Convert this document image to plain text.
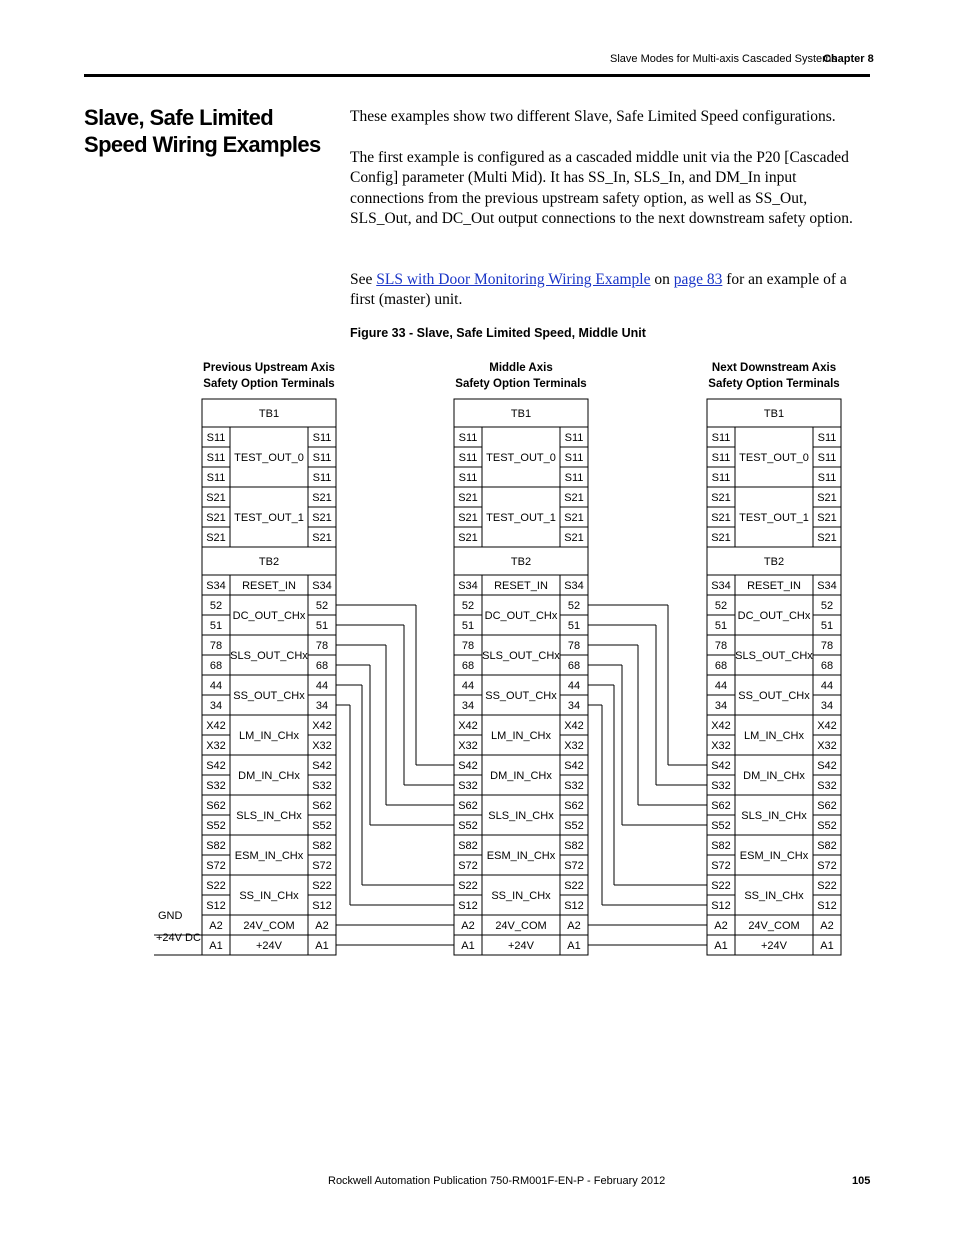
Slave Modes for Multi-axis Cascaded Systems
Chapter 8
Slave, Safe Limited Speed Wiring Examples

These examples show two different Slave, Safe Limited Speed configurations.

The first example is configured as a cascaded middle unit via the P20 [Cascaded Config] parameter (Multi Mid). It has SS_In, SLS_In, and DM_In input connections from the previous upstream safety option, as well as SS_Out, SLS_Out, and DC_Out output connections to the next downstream safety option.

See SLS with Door Monitoring Wiring Example on page 83 for an example of a first (master) unit.

Figure 33 - Slave, Safe Limited Speed, Middle Unit
Previous Upstream Axis
Safety Option Terminals
Middle Axis
Safety Option Terminals
Next Downstream Axis
Safety Option Terminals
TB1
TEST_OUT_0
S11	S11
S11	S11
S11	S11
TEST_OUT_1
S21	S21
S21	S21
S21	S21
TB2
RESET_IN
S34	S34
DC_OUT_CHx
52	52
51	51
SLS_OUT_CHx
78	78
68	68
SS_OUT_CHx
44	44
34	34
LM_IN_CHx
X42	X42
X32	X32
DM_IN_CHx
S42	S42
S32	S32
SLS_IN_CHx
S62	S62
S52	S52
ESM_IN_CHx
S82	S82
S72	S72
SS_IN_CHx
S22	S22
S12	S12
24V_COM
A2	A2
+24V
A1	A1
TB1
TEST_OUT_0
S11	S11
S11	S11
S11	S11
TEST_OUT_1
S21	S21
S21	S21
S21	S21
TB2
RESET_IN
S34	S34
DC_OUT_CHx
52	52
51	51
SLS_OUT_CHx
78	78
68	68
SS_OUT_CHx
44	44
34	34
LM_IN_CHx
X42	X42
X32	X32
DM_IN_CHx
S42	S42
S32	S32
SLS_IN_CHx
S62	S62
S52	S52
ESM_IN_CHx
S82	S82
S72	S72
SS_IN_CHx
S22	S22
S12	S12
24V_COM
A2	A2
+24V
A1	A1
TB1
TEST_OUT_0
S11	S11
S11	S11
S11	S11
TEST_OUT_1
S21	S21
S21	S21
S21	S21
TB2
RESET_IN
S34	S34
DC_OUT_CHx
52	52
51	51
SLS_OUT_CHx
78	78
68	68
SS_OUT_CHx
44	44
34	34
LM_IN_CHx
X42	X42
X32	X32
DM_IN_CHx
S42	S42
S32	S32
SLS_IN_CHx
S62	S62
S52	S52
ESM_IN_CHx
S82	S82
S72	S72
SS_IN_CHx
S22	S22
S12	S12
24V_COM
A2	A2
+24V
A1	A1
GND
+24V DC
Rockwell Automation Publication 750-RM001F-EN-P - February 2012	105
